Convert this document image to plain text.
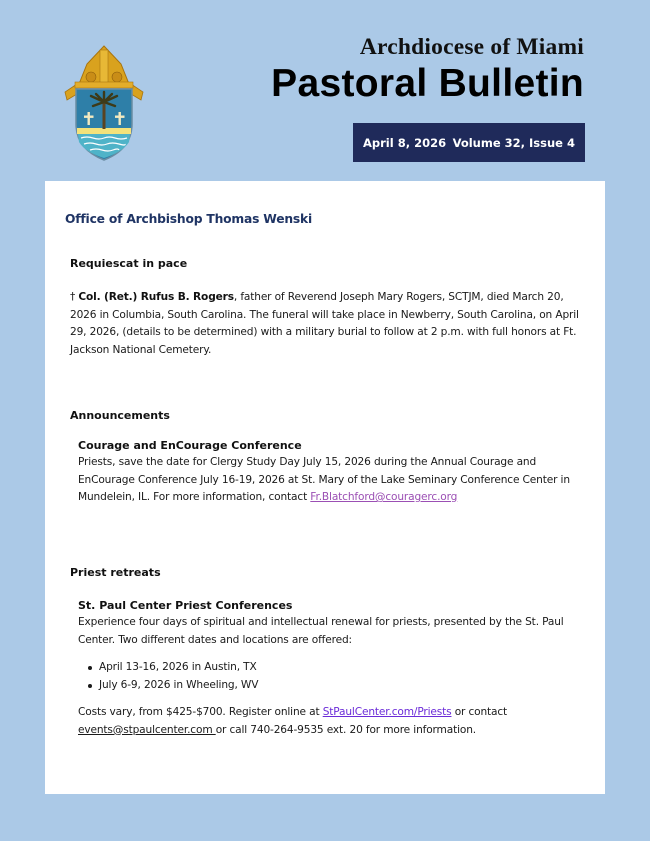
Archdiocese of Miami
Pastoral Bulletin
April 8, 2026 Volume 32, Issue 4
Office of Archbishop Thomas Wenski
Requiescat in pace
† Col. (Ret.) Rufus B. Rogers, father of Reverend Joseph Mary Rogers, SCTJM, died March 20, 2026 in Columbia, South Carolina. The funeral will take place in Newberry, South Carolina, on April 29, 2026, (details to be determined) with a military burial to follow at 2 p.m. with full honors at Ft. Jackson National Cemetery.
Announcements
Courage and EnCourage Conference
Priests, save the date for Clergy Study Day July 15, 2026 during the Annual Courage and EnCourage Conference July 16-19, 2026 at St. Mary of the Lake Seminary Conference Center in Mundelein, IL. For more information, contact Fr.Blatchford@couragerc.org
Priest retreats
St. Paul Center Priest Conferences
Experience four days of spiritual and intellectual renewal for priests, presented by the St. Paul Center. Two different dates and locations are offered:
April 13-16, 2026 in Austin, TX
July 6-9, 2026 in Wheeling, WV
Costs vary, from $425-$700. Register online at StPaulCenter.com/Priests or contact
events@stpaulcenter.com or call 740-264-9535 ext. 20 for more information.
